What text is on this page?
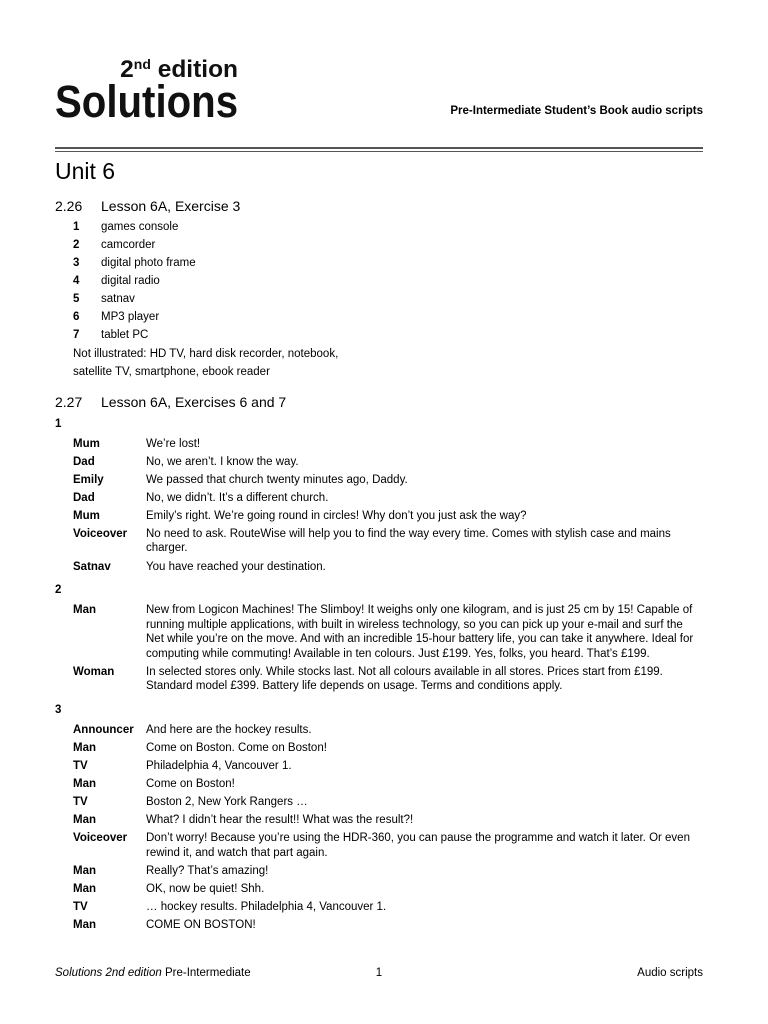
2nd edition
Solutions	Pre-Intermediate Student’s Book audio scripts
Unit 6
2.26	Lesson 6A, Exercise 3
1	games console
2	camcorder
3	digital photo frame
4	digital radio
5	satnav
6	MP3 player
7	tablet PC
Not illustrated: HD TV, hard disk recorder, notebook,
satellite TV, smartphone, ebook reader
2.27	Lesson 6A, Exercises 6 and 7
1
Mum	We’re lost!
Dad	No, we aren’t. I know the way.
Emily	We passed that church twenty minutes ago, Daddy.
Dad	No, we didn’t. It’s a different church.
Mum	Emily’s right. We’re going round in circles! Why don’t you just ask the way?
Voiceover	No need to ask. RouteWise will help you to find the way every time. Comes with stylish case and mains charger.
Satnav	You have reached your destination.
2
Man	New from Logicon Machines! The Slimboy! It weighs only one kilogram, and is just 25 cm by 15! Capable of running multiple applications, with built in wireless technology, so you can pick up your e-mail and surf the Net while you’re on the move. And with an incredible 15-hour battery life, you can take it anywhere. Ideal for computing while commuting! Available in ten colours. Just £199. Yes, folks, you heard. That’s £199.
Woman	In selected stores only. While stocks last. Not all colours available in all stores. Prices start from £199. Standard model £399. Battery life depends on usage. Terms and conditions apply.
3
Announcer	And here are the hockey results.
Man	Come on Boston. Come on Boston!
TV	Philadelphia 4, Vancouver 1.
Man	Come on Boston!
TV	Boston 2, New York Rangers …
Man	What? I didn’t hear the result!! What was the result?!
Voiceover	Don’t worry! Because you’re using the HDR-360, you can pause the programme and watch it later. Or even rewind it, and watch that part again.
Man	Really? That’s amazing!
Man	OK, now be quiet! Shh.
TV	… hockey results. Philadelphia 4, Vancouver 1.
Man	COME ON BOSTON!
Solutions 2nd edition Pre-Intermediate	1	Audio scripts
